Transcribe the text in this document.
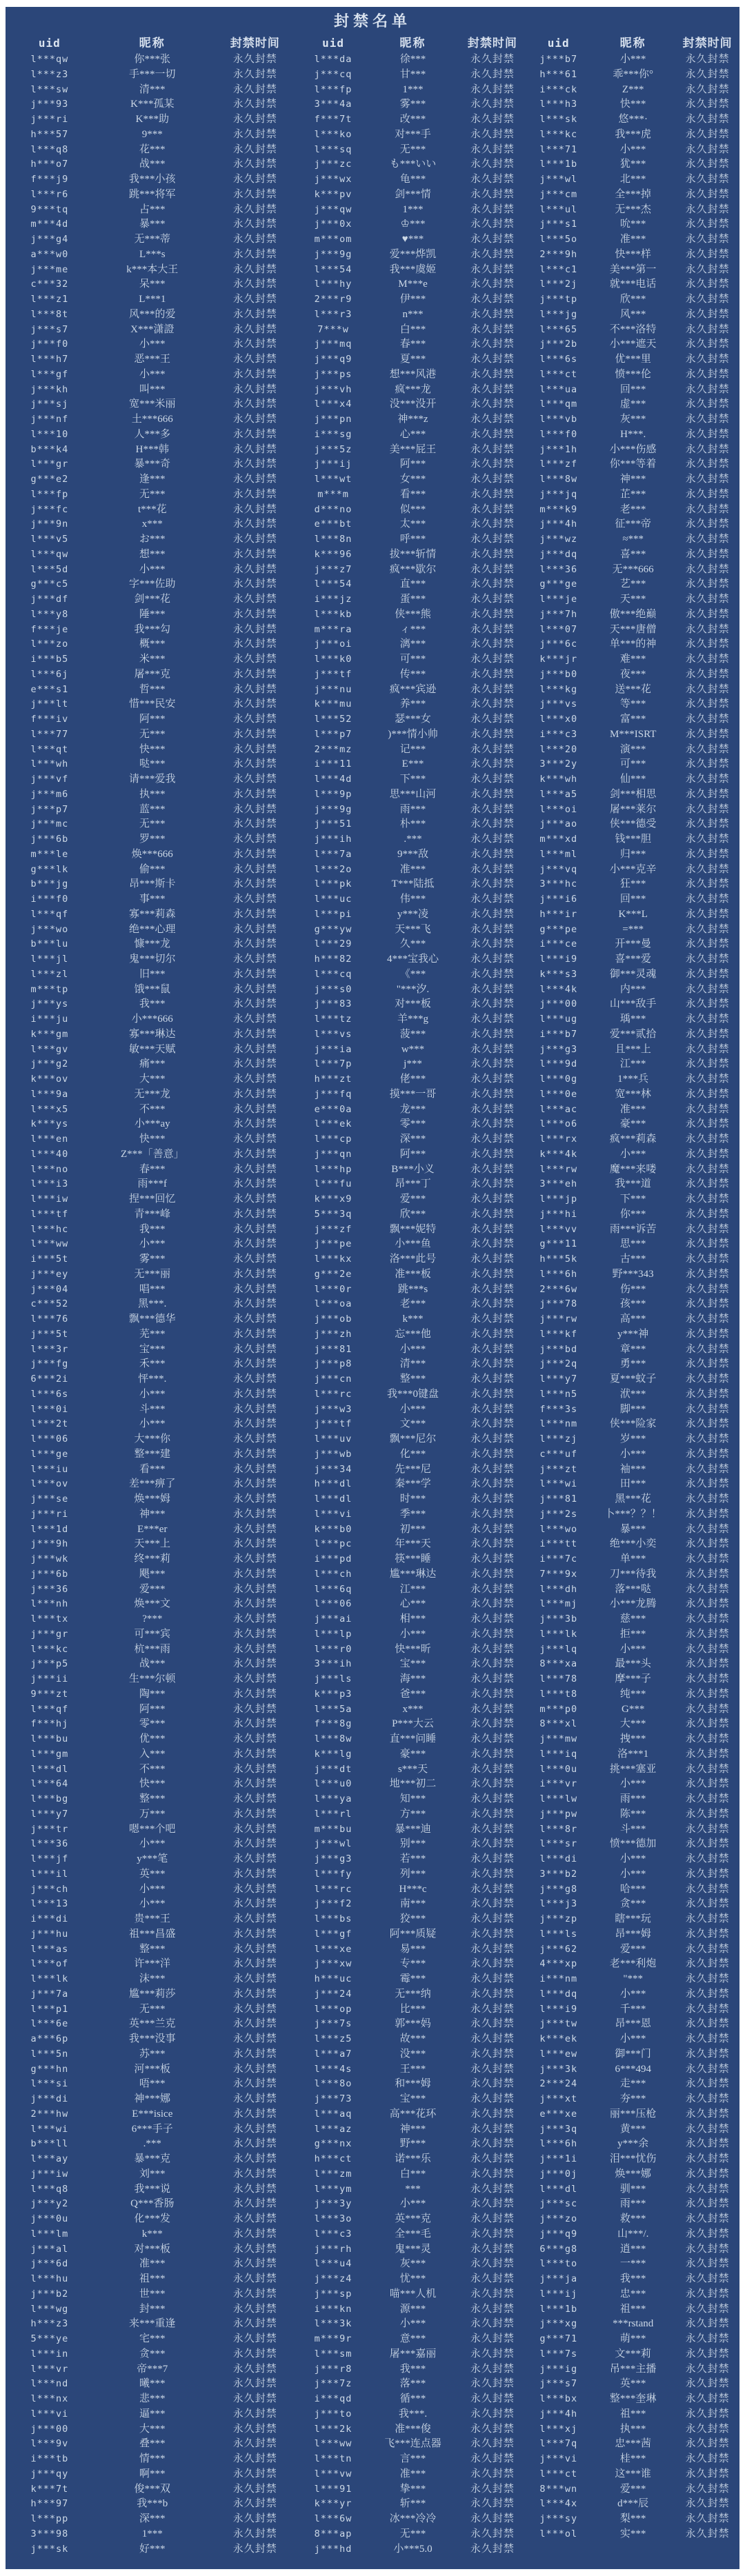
封禁名单
uid	昵称	封禁时间
l***qw	你***张	永久封禁
l***z3	手***一切	永久封禁
l***sw	清***	永久封禁
j***93	K***孤某	永久封禁
j***ri	K***助	永久封禁
h***57	9***	永久封禁
l***q8	花***	永久封禁
h***o7	战***	永久封禁
f***j9	我***小孩	永久封禁
l***r6	跳***将军	永久封禁
9***tq	占***	永久封禁
m***4d	暴***	永久封禁
j***g4	无***蒂	永久封禁
a***w0	L***s	永久封禁
j***me	k***本大王	永久封禁
c***32	呆***	永久封禁
l***z1	L***1	永久封禁
l***8t	风***的爱	永久封禁
j***s7	X***潇證	永久封禁
j***f0	小***	永久封禁
l***h7	恶***王	永久封禁
l***gf	小***	永久封禁
j***kh	叫***	永久封禁
j***sj	宽***米丽	永久封禁
j***nf	土***666	永久封禁
l***10	人***多	永久封禁
b***k4	H***韩	永久封禁
l***gr	暴***奇	永久封禁
g***e2	逢***	永久封禁
l***fp	无***	永久封禁
j***fc	t***花	永久封禁
j***9n	x***	永久封禁
l***v5	お***	永久封禁
l***qw	想***	永久封禁
l***5d	小***	永久封禁
g***c5	字***佐助	永久封禁
j***df	剑***花	永久封禁
l***y8	陲***	永久封禁
f***je	我***勾	永久封禁
l***zo	概***	永久封禁
i***b5	米***	永久封禁
l***6j	屠***克	永久封禁
e***s1	哲***	永久封禁
j***lt	惜***民安	永久封禁
f***iv	阿***	永久封禁
l***77	无***	永久封禁
l***qt	快***	永久封禁
l***wh	哒***	永久封禁
j***vf	请***爱我	永久封禁
j***m6	执***	永久封禁
j***p7	蓝***	永久封禁
j***mc	无***	永久封禁
j***6b	罗***	永久封禁
m***le	焕***666	永久封禁
g***lk	偷***	永久封禁
b***jg	昂***斯卡	永久封禁
i***f0	事***	永久封禁
l***qf	寡***莉森	永久封禁
j***wo	绝***心理	永久封禁
b***lu	慷***龙	永久封禁
l***jl	鬼***切尔	永久封禁
l***zl	旧***	永久封禁
m***tp	饿***鼠	永久封禁
j***ys	我***	永久封禁
i***ju	小***666	永久封禁
k***gm	寡***琳达	永久封禁
l***gv	敏***天赋	永久封禁
j***g2	痛***	永久封禁
k***ov	大***	永久封禁
l***9a	无***龙	永久封禁
l***x5	不***	永久封禁
k***ys	小***ay	永久封禁
l***en	快***	永久封禁
l***40	Z***「善意」	永久封禁
l***no	春***	永久封禁
l***i3	雨***f	永久封禁
l***iw	捏***回忆	永久封禁
l***tf	青***峰	永久封禁
l***hc	我***	永久封禁
l***ww	小***	永久封禁
i***5t	雾***	永久封禁
j***ey	无***丽	永久封禁
j***04	唱***	永久封禁
c***52	黑***.	永久封禁
l***76	飘***德华	永久封禁
j***5t	芜***	永久封禁
l***3r	宝***	永久封禁
j***fg	禾***	永久封禁
6***2i	怦***.	永久封禁
l***6s	小***	永久封禁
l***0i	斗***	永久封禁
l***2t	小***	永久封禁
l***06	大***你	永久封禁
l***ge	整***建	永久封禁
l***iu	看***	永久封禁
l***ov	差***痹了	永久封禁
j***se	焕***姆	永久封禁
j***ri	神***	永久封禁
l***1d	E***er	永久封禁
j***9h	天***上	永久封禁
j***wk	终***莉	永久封禁
j***6b	飓***	永久封禁
j***36	爱***	永久封禁
l***nh	焕***文	永久封禁
l***tx	?***	永久封禁
j***gr	可***宾	永久封禁
l***kc	杭***雨	永久封禁
j***p5	战***	永久封禁
j***ii	生***尔顿	永久封禁
9***zt	陶***	永久封禁
l***qf	阿***	永久封禁
f***hj	零***	永久封禁
l***bu	优***	永久封禁
l***gm	入***	永久封禁
l***dl	不***	永久封禁
l***64	快***	永久封禁
l***bg	整***	永久封禁
l***y7	万***	永久封禁
j***tr	嗯***个吧	永久封禁
l***36	小***	永久封禁
l***jf	y***笔	永久封禁
l***il	英***	永久封禁
j***ch	小***	永久封禁
l***13	小***	永久封禁
i***di	贵***王	永久封禁
j***hu	祖***昌盛	永久封禁
l***as	整***	永久封禁
l***of	许***洋	永久封禁
l***lk	沫***	永久封禁
j***7a	尴***莉莎	永久封禁
l***p1	无***	永久封禁
l***6e	英***兰克	永久封禁
a***6p	我***没事	永久封禁
l***5n	苏***	永久封禁
g***hn	河***板	永久封禁
l***si	唔***	永久封禁
j***di	神***娜	永久封禁
2***hw	E***isice	永久封禁
l***wi	6***手子	永久封禁
b***ll	.***	永久封禁
l***ay	暴***克	永久封禁
j***iw	刘***	永久封禁
l***q8	我***说	永久封禁
j***y2	Q***香肠	永久封禁
j***0u	化***发	永久封禁
l***lm	k***	永久封禁
j***al	对***板	永久封禁
j***6d	准***	永久封禁
l***hu	祖***	永久封禁
j***b2	世***	永久封禁
l***wg	封***	永久封禁
h***z3	来***重逢	永久封禁
5***ye	宅***	永久封禁
l***in	贪***	永久封禁
l***vr	帝***7	永久封禁
l***nd	曦***	永久封禁
l***nx	悲***	永久封禁
l***vi	逼***	永久封禁
j***00	大***	永久封禁
l***9v	叠***	永久封禁
i***tb	情***	永久封禁
j***qy	啊***	永久封禁
k***7t	俊***双	永久封禁
h***97	我***b	永久封禁
l***pp	深***	永久封禁
3***98	1***	永久封禁
j***sk	好***	永久封禁
uid	昵称	封禁时间
l***da	徐***	永久封禁
j***cq	甘***	永久封禁
l***fp	1***	永久封禁
3***4a	雾***	永久封禁
f***7t	改***	永久封禁
l***ko	对***手	永久封禁
l***sq	无***	永久封禁
j***zc	も***いい	永久封禁
j***wx	龟***	永久封禁
k***pv	剑***情	永久封禁
j***qw	1***	永久封禁
j***0x	♔***	永久封禁
m***om	♥***	永久封禁
j***9g	爱***烨凯	永久封禁
l***54	我***虞姬	永久封禁
l***hy	M***e	永久封禁
2***r9	伊***	永久封禁
l***r3	n***	永久封禁
7***w	白***	永久封禁
j***mq	春***	永久封禁
j***q9	夏***	永久封禁
j***ps	想***风港	永久封禁
j***vh	疯***龙	永久封禁
l***x4	没***没开	永久封禁
j***pn	神***z	永久封禁
i***sg	心***	永久封禁
j***5z	美***屁王	永久封禁
j***ij	阿***	永久封禁
l***wt	女***	永久封禁
m***m	看***	永久封禁
d***no	似***	永久封禁
e***bt	太***	永久封禁
l***8n	呼***	永久封禁
k***96	拔***斩情	永久封禁
j***z7	疯***歇尔	永久封禁
l***54	直***	永久封禁
i***jz	蛋***	永久封禁
l***kb	侠***熊	永久封禁
m***ra	ィ***	永久封禁
j***oi	漓***	永久封禁
l***k0	可***	永久封禁
j***tf	传***	永久封禁
j***nu	疯***宾逊	永久封禁
k***mu	养***	永久封禁
l***52	瑟***女	永久封禁
l***p7	)***情小帅	永久封禁
2***mz	记***	永久封禁
i***11	E***	永久封禁
l***4d	下***	永久封禁
l***9p	思***山河	永久封禁
j***9g	雨***	永久封禁
j***51	朴***	永久封禁
j***ih	.***	永久封禁
l***7a	9***敌	永久封禁
l***2o	准***	永久封禁
l***pk	T***陆抵	永久封禁
l***uc	伟***	永久封禁
l***pi	y***凌	永久封禁
g***yw	天***飞	永久封禁
l***29	久***	永久封禁
h***82	4***宝我心	永久封禁
l***cq	《***	永久封禁
j***s0	"***汐.	永久封禁
j***83	对***板	永久封禁
l***tz	羊***g	永久封禁
l***vs	菠***	永久封禁
j***ia	w***	永久封禁
l***7p	j***	永久封禁
h***zt	佬***	永久封禁
j***fq	摸***一哥	永久封禁
e***0a	龙***	永久封禁
l***ek	零***	永久封禁
l***cp	深***	永久封禁
j***qn	阿***	永久封禁
l***hp	B***小义	永久封禁
l***fu	昂***丁	永久封禁
k***x9	爱***	永久封禁
5***3q	欣***	永久封禁
j***zf	飘***妮特	永久封禁
j***pe	小***鱼	永久封禁
l***kx	洛***此号	永久封禁
g***2e	准***板	永久封禁
l***0r	跳***s	永久封禁
l***oa	老***	永久封禁
j***ob	k***	永久封禁
j***zh	忘***他	永久封禁
j***81	小***	永久封禁
j***p8	清***	永久封禁
j***cn	整***	永久封禁
l***rc	我***0键盘	永久封禁
j***w3	小***	永久封禁
j***tf	文***	永久封禁
l***uv	飘***尼尔	永久封禁
j***wb	化***	永久封禁
j***34	先***尼	永久封禁
h***dl	秦***学	永久封禁
l***dl	时***	永久封禁
l***vi	季***	永久封禁
k***b0	初***	永久封禁
l***pc	年***天	永久封禁
i***pd	筷***睡	永久封禁
l***ch	尴***琳达	永久封禁
l***6q	江***	永久封禁
l***06	心***	永久封禁
j***ai	相***	永久封禁
l***lp	小***	永久封禁
l***r0	快***昕	永久封禁
3***ih	宝***	永久封禁
j***ls	海***	永久封禁
k***p3	爸***	永久封禁
l***5a	x***	永久封禁
f***8g	P***大云	永久封禁
l***8w	直***问睡	永久封禁
k***lg	豪***	永久封禁
j***dt	s***天	永久封禁
l***u0	地***初二	永久封禁
l***ya	知***	永久封禁
l***rl	方***	永久封禁
m***bu	暴***迪	永久封禁
j***wl	别***	永久封禁
j***g3	若***	永久封禁
l***fy	列***	永久封禁
l***rc	H***c	永久封禁
j***f2	南***	永久封禁
l***bs	狡***	永久封禁
l***gf	阿***质疑	永久封禁
l***xe	易***	永久封禁
j***xw	专***	永久封禁
h***uc	霉***	永久封禁
j***24	无***纳	永久封禁
l***op	比***	永久封禁
j***7s	郭***妈	永久封禁
l***z5	故***	永久封禁
l***a7	没***	永久封禁
l***4s	王***	永久封禁
l***8o	和***姆	永久封禁
j***73	宝***	永久封禁
l***aq	高***花环	永久封禁
l***az	神***	永久封禁
g***nx	野***	永久封禁
h***ct	诺***乐	永久封禁
l***zm	白***	永久封禁
l***ym	***	永久封禁
j***3y	小***	永久封禁
l***3o	英***克	永久封禁
l***c3	全***毛	永久封禁
j***rh	鬼***灵	永久封禁
l***u4	灰***	永久封禁
j***z4	忧***	永久封禁
j***sp	喵***人机	永久封禁
i***kn	源***	永久封禁
l***3k	小***	永久封禁
m***9r	意***	永久封禁
l***sm	屠***嘉丽	永久封禁
j***r8	我***	永久封禁
j***7z	落***	永久封禁
i***qd	循***	永久封禁
j***to	我***.	永久封禁
l***2k	准***俊	永久封禁
l***ww	飞***连点器	永久封禁
l***tn	言***	永久封禁
l***vw	准***	永久封禁
l***91	挚***	永久封禁
k***yr	斩***	永久封禁
l***6w	冰***冷冷	永久封禁
8***ap	无***	永久封禁
j***hd	小***5.0	永久封禁
uid	昵称	封禁时间
j***b7	小***	永久封禁
h***61	乖***你°	永久封禁
i***ck	Z***	永久封禁
l***h3	快***	永久封禁
l***sk	悠***·	永久封禁
l***kc	我***虎	永久封禁
l***71	小***	永久封禁
l***1b	犹***	永久封禁
j***wl	北***	永久封禁
j***cm	全***掉	永久封禁
l***ul	无***杰	永久封禁
j***s1	吮***	永久封禁
l***5o	准***	永久封禁
2***9h	快***样	永久封禁
l***c1	美***第一	永久封禁
l***2j	就***电话	永久封禁
j***tp	欣***	永久封禁
l***jg	风***	永久封禁
l***65	不***洛特	永久封禁
j***2b	小***遮天	永久封禁
l***6s	优***里	永久封禁
l***ct	愤***伦	永久封禁
l***ua	回***	永久封禁
l***qm	虚***	永久封禁
l***vb	灰***	永久封禁
l***f0	H***.	永久封禁
j***1h	小***伤感	永久封禁
l***zf	你***等着	永久封禁
l***8w	神***	永久封禁
j***jq	芷***	永久封禁
m***k9	老***	永久封禁
j***4h	征***帝	永久封禁
j***wz	≈***	永久封禁
j***dq	喜***	永久封禁
l***36	无***666	永久封禁
g***ge	艺***	永久封禁
l***je	天***	永久封禁
j***7h	傲***绝巅	永久封禁
l***07	天***唐僧	永久封禁
j***6c	单***的神	永久封禁
k***jr	难***	永久封禁
j***b0	夜***	永久封禁
l***kg	送***花	永久封禁
j***vs	等***	永久封禁
l***x0	富***	永久封禁
i***c3	M***ISRT	永久封禁
l***20	演***	永久封禁
3***2y	可***	永久封禁
k***wh	仙***	永久封禁
l***a5	剑***相思	永久封禁
l***oi	屠***莱尔	永久封禁
j***ao	侠***德受	永久封禁
m***xd	钱***胆	永久封禁
l***ml	归***	永久封禁
j***vq	小***克辛	永久封禁
3***hc	狂***	永久封禁
j***i6	回***	永久封禁
h***ir	K***L	永久封禁
g***pe	=***	永久封禁
i***ce	开***曼	永久封禁
l***i9	喜***爱	永久封禁
k***s3	御***灵魂	永久封禁
l***4k	内***	永久封禁
j***00	山***敌手	永久封禁
l***ug	瑀***	永久封禁
i***b7	爱***贰拾	永久封禁
j***g3	且***上	永久封禁
l***9d	江***	永久封禁
l***0g	1***兵	永久封禁
l***0e	宽***林	永久封禁
l***ac	准***	永久封禁
l***o6	豪***	永久封禁
l***rx	疯***莉森	永久封禁
k***4k	小***	永久封禁
l***rw	魔***来喽	永久封禁
3***eh	我***道	永久封禁
l***jp	下***	永久封禁
j***hi	你***	永久封禁
l***vv	雨***诉苦	永久封禁
g***11	思***	永久封禁
h***5k	古***	永久封禁
l***6h	野***343	永久封禁
2***6w	伤***	永久封禁
j***78	孩***	永久封禁
j***rw	高***	永久封禁
l***kf	y***神	永久封禁
j***bd	章***	永久封禁
j***2q	勇***	永久封禁
l***y7	夏***蚊子	永久封禁
l***n5	洑***	永久封禁
f***3s	脚***	永久封禁
l***nm	侠***险家	永久封禁
l***zj	岁***	永久封禁
c***uf	小***	永久封禁
j***zt	袖***	永久封禁
l***wi	田***	永久封禁
j***81	黑***花	永久封禁
j***2s	卜***？？！	永久封禁
l***wo	暴***	永久封禁
i***tt	绝***小奕	永久封禁
i***7c	单***	永久封禁
7***9x	刀***待我	永久封禁
l***dh	落***哒	永久封禁
l***mj	小***龙腾	永久封禁
j***3b	慈***	永久封禁
l***lk	拒***	永久封禁
j***lq	小***	永久封禁
8***xa	最***头	永久封禁
l***78	摩***子	永久封禁
l***t8	纯***	永久封禁
m***p0	G***	永久封禁
8***xl	大***	永久封禁
j***mw	拽***	永久封禁
l***iq	洛***1	永久封禁
l***0u	挑***塞亚	永久封禁
i***vr	小***	永久封禁
l***lw	雨***	永久封禁
j***pw	陈***	永久封禁
l***8r	斗***	永久封禁
l***sr	愤***德加	永久封禁
l***di	小***	永久封禁
3***b2	小***	永久封禁
j***g8	哈***	永久封禁
l***j3	贪***	永久封禁
j***zp	瞎***玩	永久封禁
l***ls	昂***姆	永久封禁
j***62	爱***	永久封禁
4***xp	老***利炮	永久封禁
i***nm	"***	永久封禁
l***dq	小***	永久封禁
l***i9	千***	永久封禁
j***tw	昂***恩	永久封禁
k***ek	小***	永久封禁
l***ew	御***门	永久封禁
j***3k	6***494	永久封禁
2***24	走***	永久封禁
j***xt	夯***	永久封禁
e***xe	丽***压枪	永久封禁
j***3q	黄***	永久封禁
l***6h	y***余	永久封禁
j***1i	泪***忧伤	永久封禁
j***0j	焕***娜	永久封禁
l***dl	驯***	永久封禁
j***sc	雨***	永久封禁
j***zo	救***	永久封禁
j***q9	山***/.	永久封禁
6***g8	逍***	永久封禁
l***to	一***	永久封禁
j***ja	我***	永久封禁
l***ij	忠***	永久封禁
l***1b	祖***	永久封禁
j***xg	***rstand	永久封禁
g***71	萌***	永久封禁
l***7s	文***莉	永久封禁
j***ig	吊***主播	永久封禁
j***s7	英***	永久封禁
l***bx	整***奎琳	永久封禁
j***4h	祖***	永久封禁
l***xj	执***	永久封禁
l***7q	忠***茜	永久封禁
j***vi	桂***	永久封禁
l***ct	这***谁	永久封禁
8***wn	爱***	永久封禁
l***4x	d***辰	永久封禁
j***sy	梨***	永久封禁
l***ol	实***	永久封禁
